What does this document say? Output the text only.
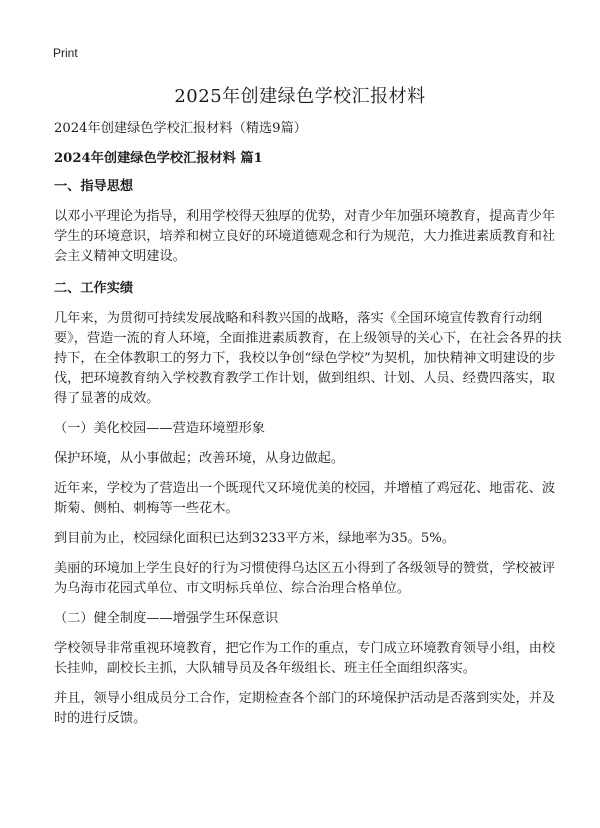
Print
2025年创建绿色学校汇报材料

2024年创建绿色学校汇报材料（精选9篇）

2024年创建绿色学校汇报材料 篇1

一、指导思想

以邓小平理论为指导，利用学校得天独厚的优势，对青少年加强环境教育，提高青少年学生的环境意识，培养和树立良好的环境道德观念和行为规范，大力推进素质教育和社会主义精神文明建设。

二、工作实绩

几年来，为贯彻可持续发展战略和科教兴国的战略，落实《全国环境宣传教育行动纲要》，营造一流的育人环境，全面推进素质教育，在上级领导的关心下，在社会各界的扶持下，在全体教职工的努力下，我校以争创“绿色学校”为契机，加快精神文明建设的步伐，把环境教育纳入学校教育教学工作计划，做到组织、计划、人员、经费四落实，取得了显著的成效。

（一）美化校园——营造环境塑形象

保护环境，从小事做起；改善环境，从身边做起。

近年来，学校为了营造出一个既现代又环境优美的校园，并增植了鸡冠花、地雷花、波斯菊、侧柏、刺梅等一些花木。

到目前为止，校园绿化面积已达到3233平方米，绿地率为35。5%。

美丽的环境加上学生良好的行为习惯使得乌达区五小得到了各级领导的赞赏，学校被评为乌海市花园式单位、市文明标兵单位、综合治理合格单位。

（二）健全制度——增强学生环保意识

学校领导非常重视环境教育，把它作为工作的重点，专门成立环境教育领导小组，由校长挂帅，副校长主抓，大队辅导员及各年级组长、班主任全面组织落实。

并且，领导小组成员分工合作，定期检查各个部门的环境保护活动是否落到实处，并及时的进行反馈。
